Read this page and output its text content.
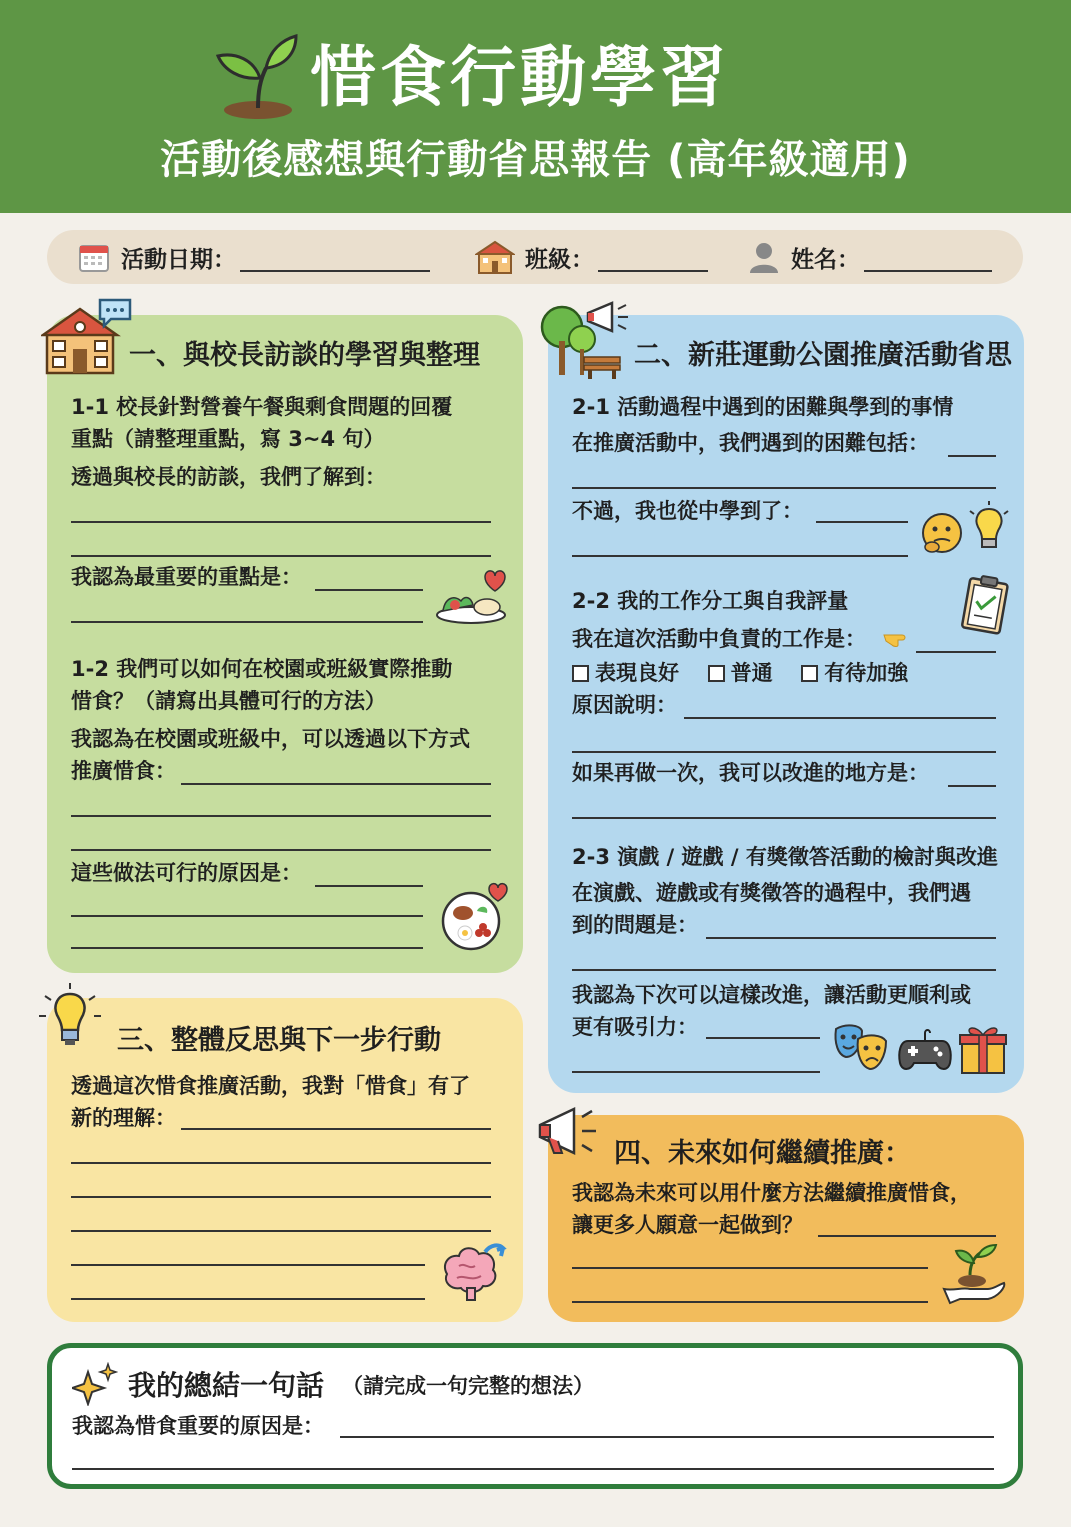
惜食行動學習
活動後感想與行動省思報告 (高年級適用)
活動日期：	班級：	姓名：
一、與校長訪談的學習與整理
1-1 校長針對營養午餐與剩食問題的回覆
重點（請整理重點，寫 3~4 句）
透過與校長的訪談，我們了解到：
我認為最重要的重點是：
1-2 我們可以如何在校園或班級實際推動
惜食？（請寫出具體可行的方法）
我認為在校園或班級中，可以透過以下方式
推廣惜食：
這些做法可行的原因是：
二、新莊運動公園推廣活動省思
2-1 活動過程中遇到的困難與學到的事情
在推廣活動中，我們遇到的困難包括：
不過，我也從中學到了：
2-2 我的工作分工與自我評量
我在這次活動中負責的工作是：
表現良好 普通 有待加強
原因說明：
如果再做一次，我可以改進的地方是：
2-3 演戲 / 遊戲 / 有獎徵答活動的檢討與改進
在演戲、遊戲或有獎徵答的過程中，我們遇
到的問題是：
我認為下次可以這樣改進，讓活動更順利或
更有吸引力：
三、整體反思與下一步行動
透過這次惜食推廣活動，我對「惜食」有了
新的理解：
四、未來如何繼續推廣：
我認為未來可以用什麼方法繼續推廣惜食，
讓更多人願意一起做到？
我的總結一句話 （請完成一句完整的想法）
我認為惜食重要的原因是：
